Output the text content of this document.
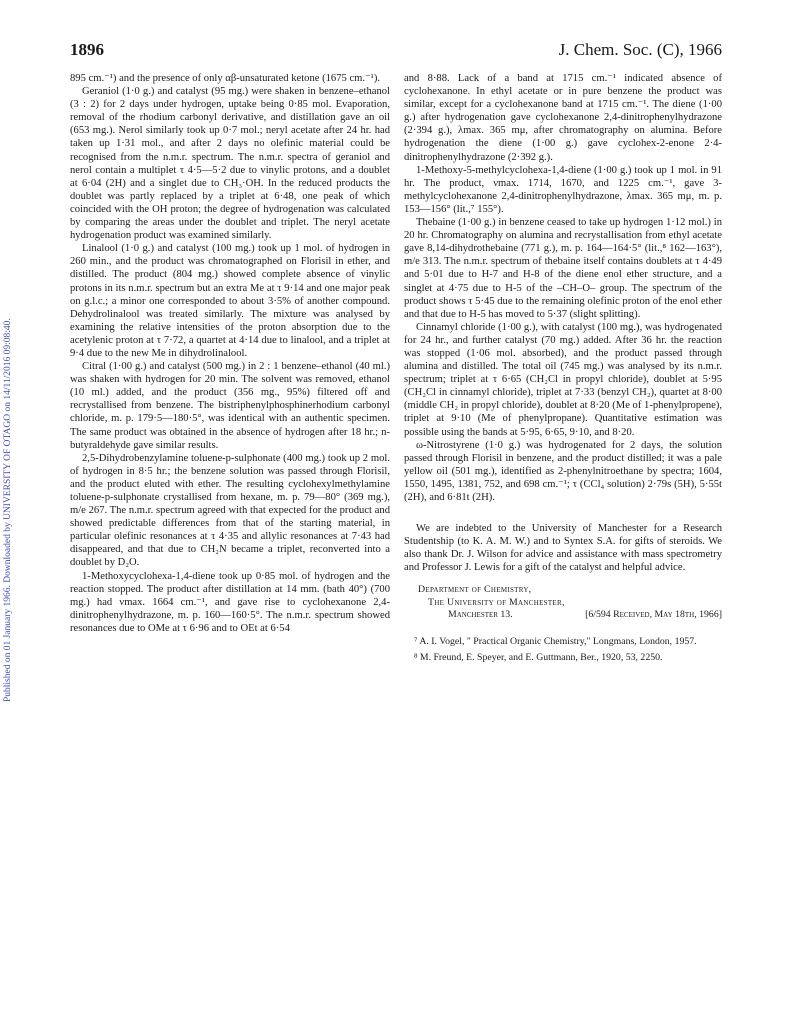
1896	J. Chem. Soc. (C), 1966
Published on 01 January 1966. Downloaded by UNIVERSITY OF OTAGO on 14/11/2016 09:08:40.

895 cm.⁻¹) and the presence of only αβ-unsaturated ketone (1675 cm.⁻¹).

Geraniol (1·0 g.) and catalyst (95 mg.) were shaken in benzene–ethanol (3 : 2) for 2 days under hydrogen, uptake being 0·85 mol. Evaporation, removal of the rhodium carbonyl derivative, and distillation gave an oil (653 mg.). Nerol similarly took up 0·7 mol.; neryl acetate after 24 hr. had taken up 1·31 mol., and after 2 days no olefinic material could be recognised from the n.m.r. spectrum. The n.m.r. spectra of geraniol and nerol contain a multiplet τ 4·5—5·2 due to vinylic protons, and a doublet at 6·04 (2H) and a singlet due to CH₃·OH. In the reduced products the doublet was partly replaced by a triplet at 6·48, one peak of which coincided with the OH proton; the degree of hydrogenation was calculated by comparing the areas under the doublet and triplet. The neryl acetate hydrogenation product was examined similarly.

Linalool (1·0 g.) and catalyst (100 mg.) took up 1 mol. of hydrogen in 260 min., and the product was chromatographed on Florisil in ether, and distilled. The product (804 mg.) showed complete absence of vinylic protons in its n.m.r. spectrum but an extra Me at τ 9·14 and one major peak on g.l.c.; a minor one corresponded to about 3·5% of another compound. Dehydrolinalool was treated similarly. The mixture was analysed by examining the relative intensities of the proton absorption due to the acetylenic proton at τ 7·72, a quartet at 4·14 due to linalool, and a triplet at 9·4 due to the new Me in dihydrolinalool.

Citral (1·00 g.) and catalyst (500 mg.) in 2 : 1 benzene–ethanol (40 ml.) was shaken with hydrogen for 20 min. The solvent was removed, ethanol (10 ml.) added, and the product (356 mg., 95%) filtered off and recrystallised from benzene. The bistriphenylphosphinerhodium carbonyl chloride, m. p. 179·5—180·5°, was identical with an authentic specimen. The same product was obtained in the absence of hydrogen after 18 hr.; n-butyraldehyde gave similar results.

2,5-Dihydrobenzylamine toluene-p-sulphonate (400 mg.) took up 2 mol. of hydrogen in 8·5 hr.; the benzene solution was passed through Florisil, and the product eluted with ether. The resulting cyclohexylmethylamine toluene-p-sulphonate crystallised from hexane, m. p. 79—80° (369 mg.), m/e 267. The n.m.r. spectrum agreed with that expected for the product and showed predictable differences from that of the starting material, in particular olefinic resonances at τ 4·35 and allylic resonances at 7·43 had disappeared, and that due to CH₂N became a triplet, reconverted into a doublet by D₂O.

1-Methoxycyclohexa-1,4-diene took up 0·85 mol. of hydrogen and the reaction stopped. The product after distillation at 14 mm. (bath 40°) (700 mg.) had νmax. 1664 cm.⁻¹, and gave rise to cyclohexanone 2,4-dinitrophenylhydrazone, m. p. 160—160·5°. The n.m.r. spectrum showed resonances due to OMe at τ 6·96 and to OEt at 6·54

and 8·88. Lack of a band at 1715 cm.⁻¹ indicated absence of cyclohexanone. In ethyl acetate or in pure benzene the product was similar, except for a cyclohexanone band at 1715 cm.⁻¹. The diene (1·00 g.) after hydrogenation gave cyclohexanone 2,4-dinitrophenylhydrazone (2·394 g.), λmax. 365 mμ, after chromatography on alumina. Before hydrogenation the diene (1·00 g.) gave cyclohex-2-enone 2·4-dinitrophenylhydrazone (2·392 g.).

1-Methoxy-5-methylcyclohexa-1,4-diene (1·00 g.) took up 1 mol. in 91 hr. The product, νmax. 1714, 1670, and 1225 cm.⁻¹, gave 3-methylcyclohexanone 2,4-dinitrophenylhydrazone, λmax. 365 mμ, m. p. 153—156° (lit.,⁷ 155°).

Thebaine (1·00 g.) in benzene ceased to take up hydrogen 1·12 mol.) in 20 hr. Chromatography on alumina and recrystallisation from ethyl acetate gave 8,14-dihydrothebaine (771 g.), m. p. 164—164·5° (lit.,⁸ 162—163°), m/e 313. The n.m.r. spectrum of thebaine itself contains doublets at τ 4·49 and 5·01 due to H-7 and H-8 of the diene enol ether structure, and a singlet at 4·75 due to H-5 of the –CH–O– group. The spectrum of the product shows τ 5·45 due to the remaining olefinic proton of the enol ether and that due to H-5 has moved to 5·37 (slight splitting).

Cinnamyl chloride (1·00 g.), with catalyst (100 mg.), was hydrogenated for 24 hr., and further catalyst (70 mg.) added. After 36 hr. the reaction was stopped (1·06 mol. absorbed), and the product passed through alumina and distilled. The total oil (745 mg.) was analysed by its n.m.r. spectrum; triplet at τ 6·65 (CH₂Cl in propyl chloride), doublet at 5·95 (CH₂Cl in cinnamyl chloride), triplet at 7·33 (benzyl CH₂), quartet at 8·00 (middle CH₂ in propyl chloride), doublet at 8·20 (Me of 1-phenylpropene), triplet at 9·10 (Me of phenylpropane). Quantitative estimation was possible using the bands at 5·95, 6·65, 9·10, and 8·20.

ω-Nitrostyrene (1·0 g.) was hydrogenated for 2 days, the solution passed through Florisil in benzene, and the product distilled; it was a pale yellow oil (501 mg.), identified as 2-phenylnitroethane by spectra; 1604, 1550, 1495, 1381, 752, and 698 cm.⁻¹; τ (CCl₄ solution) 2·79s (5H), 5·55t (2H), and 6·81t (2H).

We are indebted to the University of Manchester for a Research Studentship (to K. A. M. W.) and to Syntex S.A. for gifts of steroids. We also thank Dr. J. Wilson for advice and assistance with mass spectrometry and Professor J. Lewis for a gift of the catalyst and helpful advice.

Department of Chemistry,
The University of Manchester,
Manchester 13.	[6/594 Received, May 18th, 1966]

⁷ A. I. Vogel, " Practical Organic Chemistry," Longmans, London, 1957.

⁸ M. Freund, E. Speyer, and E. Guttmann, Ber., 1920, 53, 2250.
